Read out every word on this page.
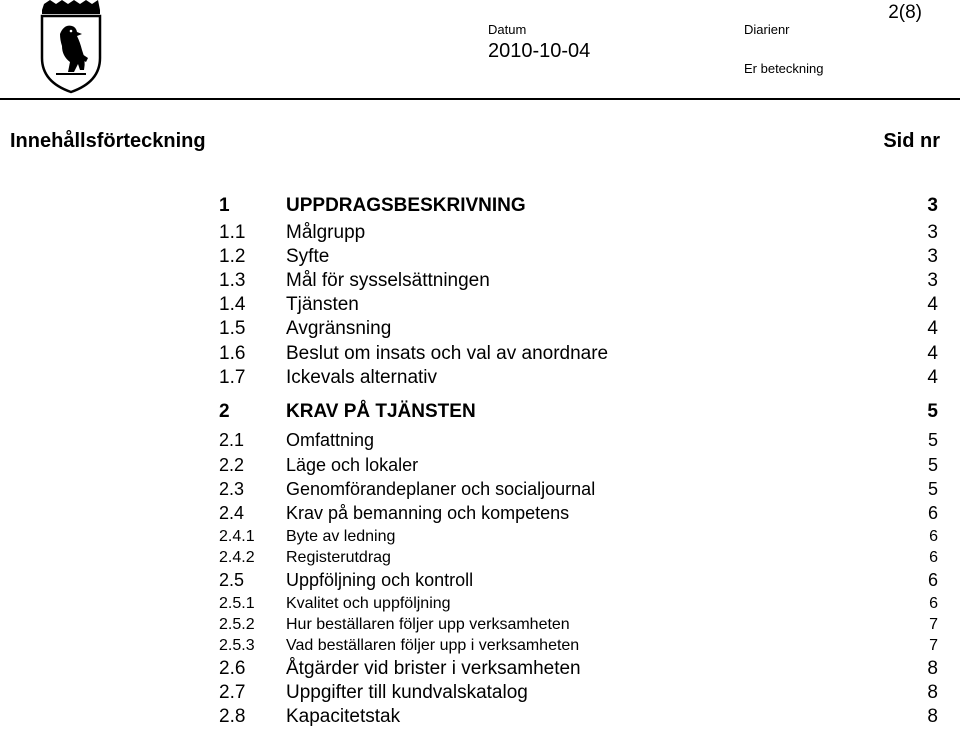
2(8)
Datum
2010-10-04
Diarienr
Er beteckning
Innehållsförteckning	Sid nr
1	UPPDRAGSBESKRIVNING	3
1.1 Målgrupp	3
1.2 Syfte	3
1.3 Mål för sysselsättningen	3
1.4 Tjänsten	4
1.5 Avgränsning	4
1.6 Beslut om insats och val av anordnare	4
1.7 Ickevals alternativ	4
2	KRAV PÅ TJÄNSTEN	5
2.1 Omfattning	5
2.2 Läge och lokaler	5
2.3 Genomförandeplaner och socialjournal	5
2.4 Krav på bemanning och kompetens	6
2.4.1 Byte av ledning	6
2.4.2 Registerutdrag	6
2.5 Uppföljning och kontroll	6
2.5.1 Kvalitet och uppföljning	6
2.5.2 Hur beställaren följer upp verksamheten	7
2.5.3 Vad beställaren följer upp i verksamheten	7
2.6 Åtgärder vid brister i verksamheten	8
2.7 Uppgifter till kundvalskatalog	8
2.8 Kapacitetstak	8
